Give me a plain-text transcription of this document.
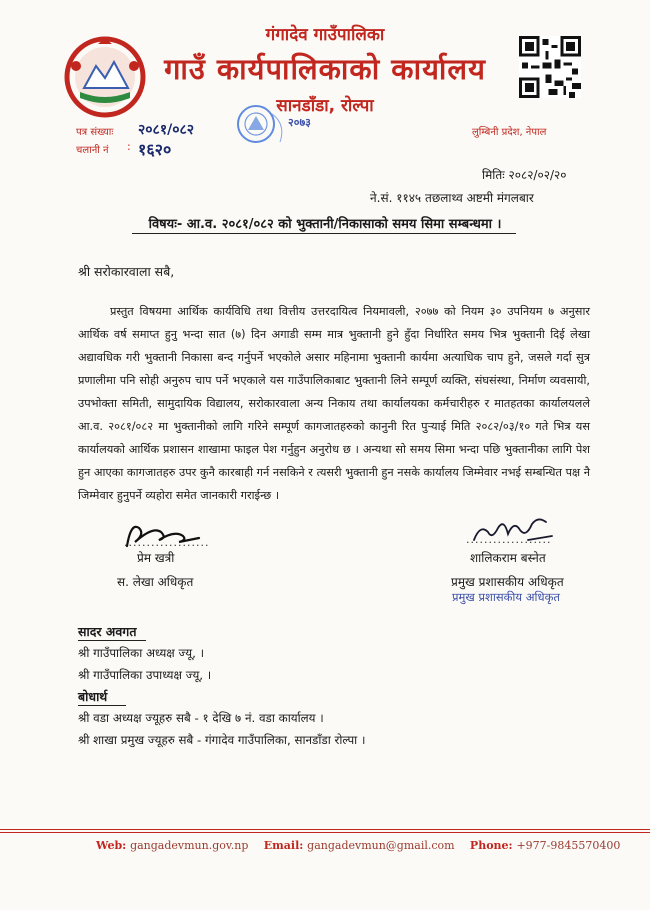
गंगादेव गाउँपालिका
गाउँ कार्यपालिकाको कार्यालय
सानडाँडा, रोल्पा
लुम्बिनी प्रदेश, नेपाल
२०७३
पत्र संख्याः २०८१/०८२
चलानी नं : १६२०
मितिः २०८२/०२/२०
ने.सं. ११४५ तछलाथ्व अष्टमी मंगलबार
विषयः- आ.व. २०८१/०८२ को भुक्तानी/निकासाको समय सिमा सम्बन्धमा ।
श्री सरोकारवाला सबै,
प्रस्तुत विषयमा आर्थिक कार्यविधि तथा वित्तीय उत्तरदायित्व नियमावली, २०७७ को नियम ३० उपनियम ७ अनुसार आर्थिक वर्ष समाप्त हुनु भन्दा सात (७) दिन अगाडी सम्म मात्र भुक्तानी हुने हुँदा निर्धारित समय भित्र भुक्तानी दिई लेखा अद्यावधिक गरी भुक्तानी निकासा बन्द गर्नुपर्ने भएकोले असार महिनामा भुक्तानी कार्यमा अत्याधिक चाप हुने, जसले गर्दा सुत्र प्रणालीमा पनि सोही अनुरुप चाप पर्ने भएकाले यस गाउँपालिकाबाट भुक्तानी लिने सम्पूर्ण व्यक्ति, संघसंस्था, निर्माण व्यवसायी, उपभोक्ता समिती, सामुदायिक विद्यालय, सरोकारवाला अन्य निकाय तथा कार्यालयका कर्मचारीहरु र मातहतका कार्यालयलले आ.व. २०८१/०८२ मा भुक्तानीको लागि गरिने सम्पूर्ण कागजातहरुको कानुनी रित पुऱ्याई मिति २०८२/०३/१० गते भित्र यस कार्यालयको आर्थिक प्रशासन शाखामा फाइल पेश गर्नुहुन अनुरोध छ । अन्यथा सो समय सिमा भन्दा पछि भुक्तानीका लागि पेश हुन आएका कागजातहरु उपर कुनै कारबाही गर्न नसकिने र त्यसरी भुक्तानी हुन नसके कार्यालय जिम्मेवार नभई सम्बन्धित पक्ष नै जिम्मेवार हुनुपर्ने व्यहोरा समेत जानकारी गराईन्छ ।
...................
प्रेम खत्री
स. लेखा अधिकृत
...................
शालिकराम बस्नेत
प्रमुख प्रशासकीय अधिकृत
प्रमुख प्रशासकीय अधिकृत
सादर अवगत
श्री गाउँपालिका अध्यक्ष ज्यू, ।
श्री गाउँपालिका उपाध्यक्ष ज्यू, ।
बोधार्थ
श्री वडा अध्यक्ष ज्यूहरु सबै - १ देखि ७ नं. वडा कार्यालय ।
श्री शाखा प्रमुख ज्यूहरु सबै - गंगादेव गाउँपालिका, सानडाँडा रोल्पा ।
Web: gangadevmun.gov.np Email: gangadevmun@gmail.com Phone: +977-9845570400
